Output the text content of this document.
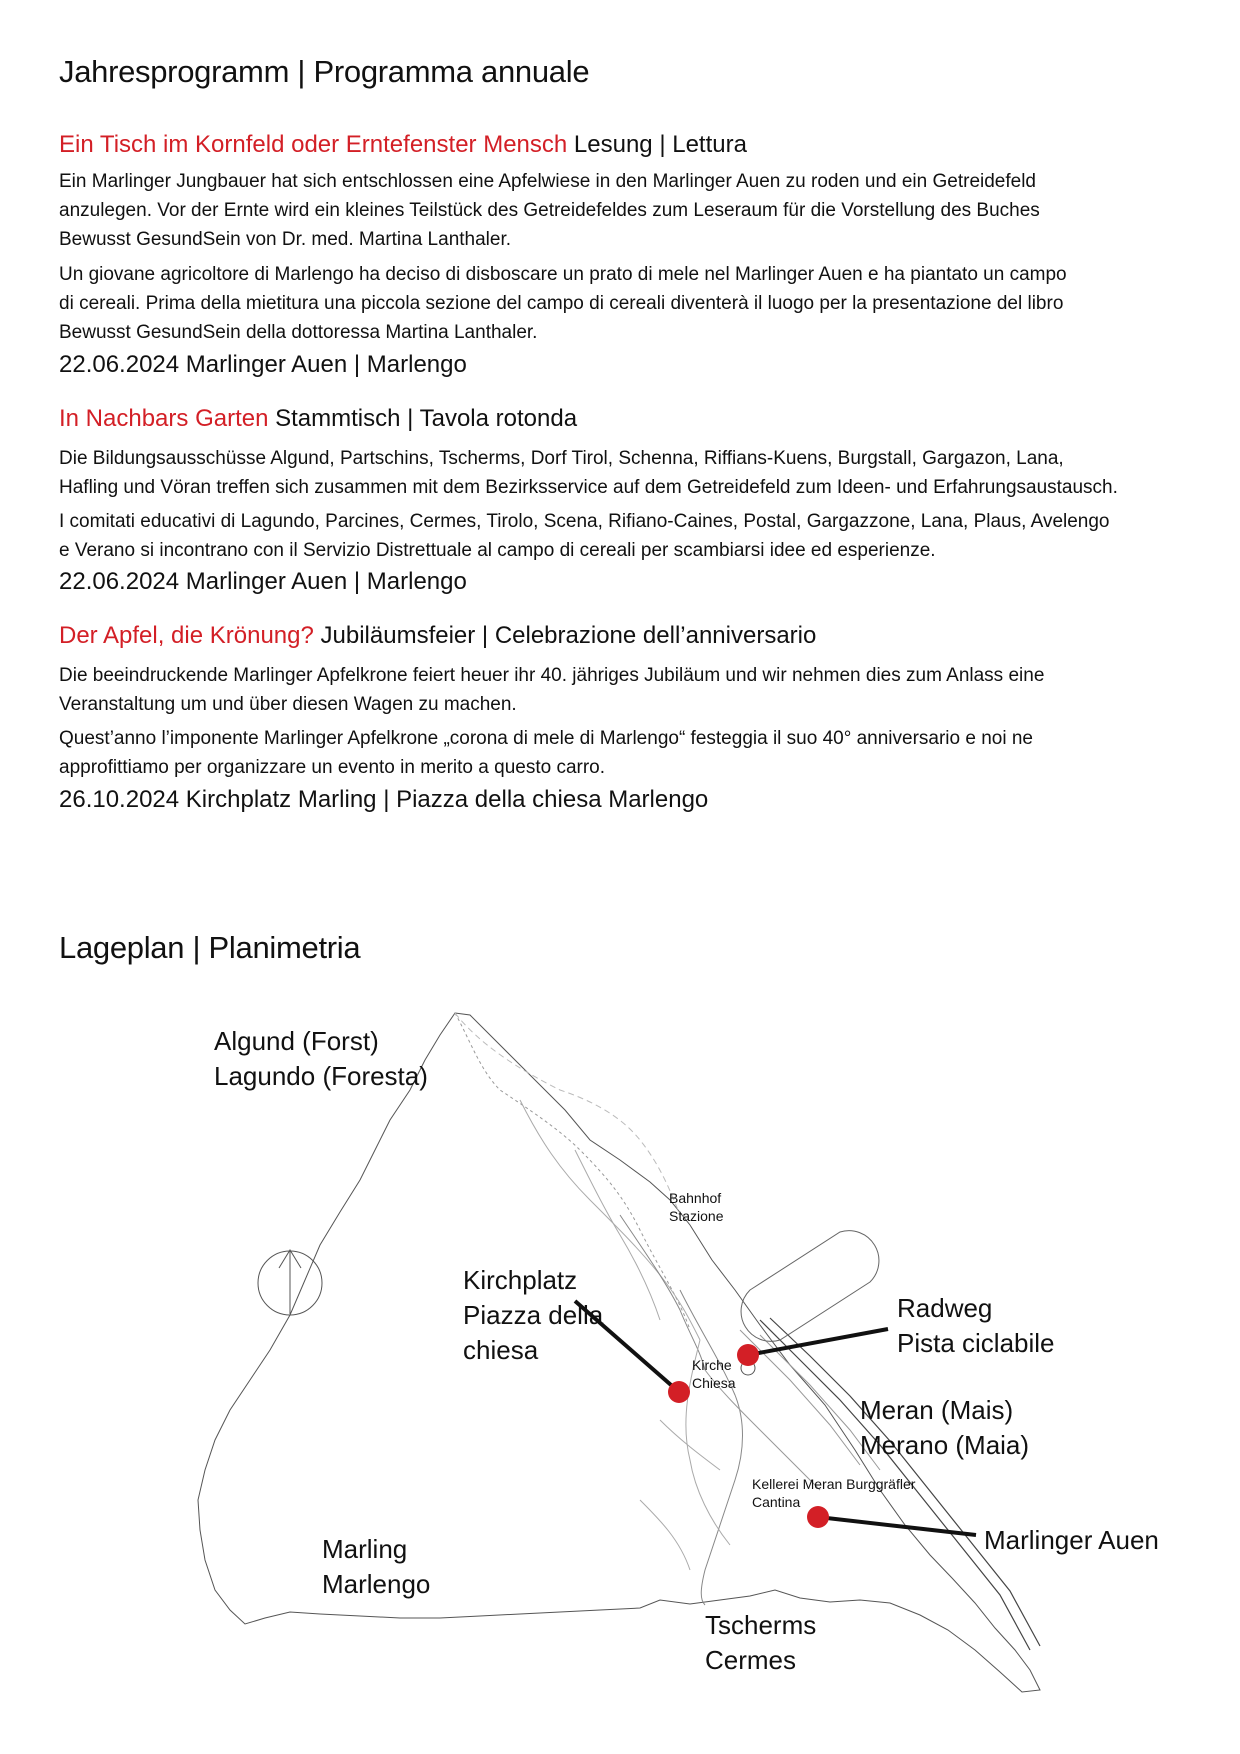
Jahresprogramm | Programma annuale
Ein Tisch im Kornfeld oder Erntefenster Mensch Lesung | Lettura
Ein Marlinger Jungbauer hat sich entschlossen eine Apfelwiese in den Marlinger Auen zu roden und ein Getreidefeld
anzulegen. Vor der Ernte wird ein kleines Teilstück des Getreidefeldes zum Leseraum für die Vorstellung des Buches
Bewusst GesundSein von Dr. med. Martina Lanthaler.
Un giovane agricoltore di Marlengo ha deciso di disboscare un prato di mele nel Marlinger Auen e ha piantato un campo
di cereali. Prima della mietitura una piccola sezione del campo di cereali diventerà il luogo per la presentazione del libro
Bewusst GesundSein della dottoressa Martina Lanthaler.
22.06.2024 Marlinger Auen | Marlengo
In Nachbars Garten Stammtisch | Tavola rotonda
Die Bildungsausschüsse Algund, Partschins, Tscherms, Dorf Tirol, Schenna, Riffians-Kuens, Burgstall, Gargazon, Lana,
Hafling und Vöran treffen sich zusammen mit dem Bezirksservice auf dem Getreidefeld zum Ideen- und Erfahrungsaustausch.
I comitati educativi di Lagundo, Parcines, Cermes, Tirolo, Scena, Rifiano-Caines, Postal, Gargazzone, Lana, Plaus, Avelengo
e Verano si incontrano con il Servizio Distrettuale al campo di cereali per scambiarsi idee ed esperienze.
22.06.2024 Marlinger Auen | Marlengo
Der Apfel, die Krönung? Jubiläumsfeier | Celebrazione dell’anniversario
Die beeindruckende Marlinger Apfelkrone feiert heuer ihr 40. jähriges Jubiläum und wir nehmen dies zum Anlass eine
Veranstaltung um und über diesen Wagen zu machen.
Quest’anno l’imponente Marlinger Apfelkrone „corona di mele di Marlengo“ festeggia il suo 40° anniversario e noi ne
approfittiamo per organizzare un evento in merito a questo carro.
26.10.2024 Kirchplatz Marling | Piazza della chiesa Marlengo
Lageplan | Planimetria
Algund (Forst)
Lagundo (Foresta)
Bahnhof
Stazione
Kirchplatz
Piazza della
chiesa	Kirche
Chiesa
Radweg
Pista ciclabile
Meran (Mais)
Merano (Maia)
Kellerei Meran Burggräfler
Cantina
Marlinger Auen
Marling
Marlengo
Tscherms
Cermes
